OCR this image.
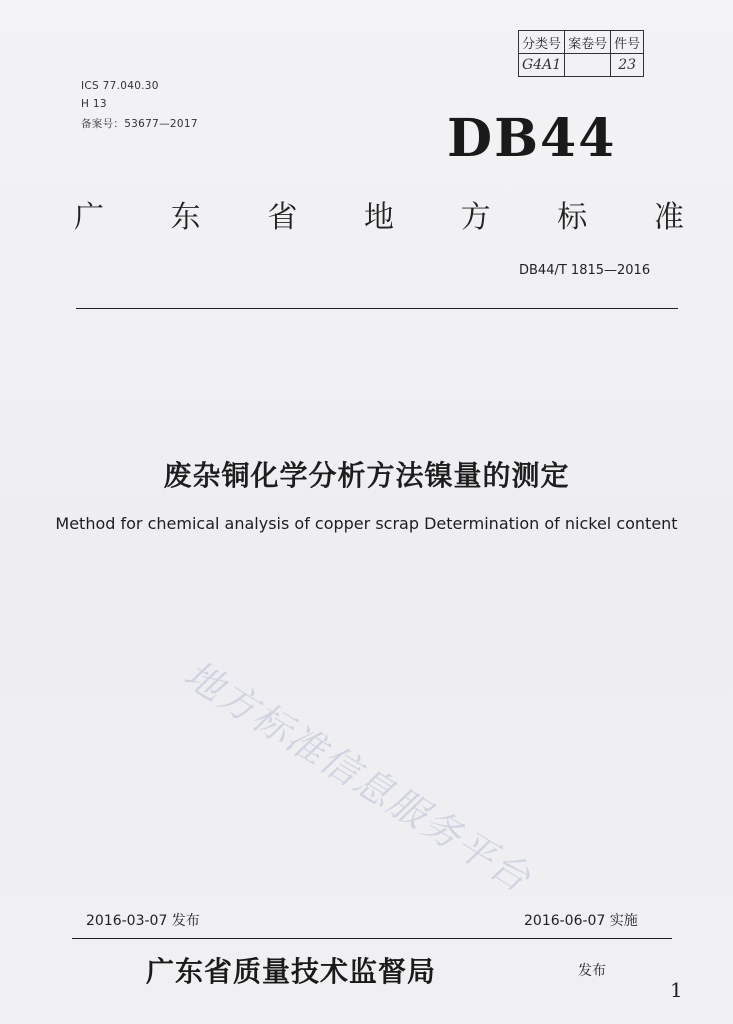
分类号	案卷号	件号
G4A1		23
ICS 77.040.30
H 13
备案号：53677—2017	DB44
广 东 省 地 方 标 准
DB44/T 1815—2016
废杂铜化学分析方法镍量的测定
Method for chemical analysis of copper scrap Determination of nickel content
地方标准信息服务平台
2016-03-07 发布	2016-06-07 实施
广东省质量技术监督局	发布
1
